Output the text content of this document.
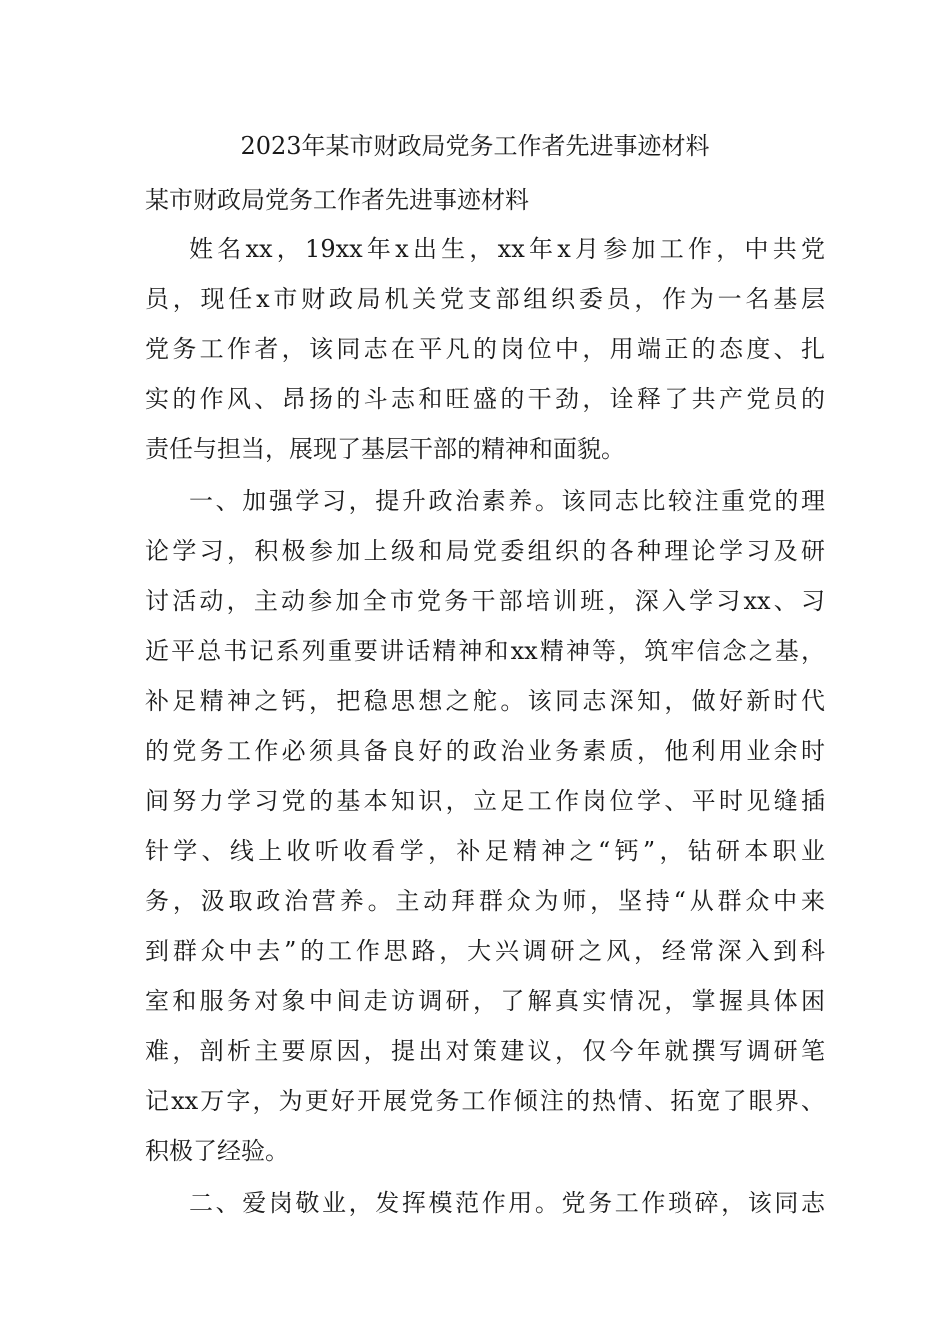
2023年某市财政局党务工作者先进事迹材料
某市财政局党务工作者先进事迹材料
姓名xx，19xx年x出生，xx年x月参加工作，中共党
员，现任x市财政局机关党支部组织委员，作为一名基层
党务工作者，该同志在平凡的岗位中，用端正的态度、扎
实的作风、昂扬的斗志和旺盛的干劲，诠释了共产党员的
责任与担当，展现了基层干部的精神和面貌。
一、加强学习，提升政治素养。该同志比较注重党的理
论学习，积极参加上级和局党委组织的各种理论学习及研
讨活动，主动参加全市党务干部培训班，深入学习xx、习
近平总书记系列重要讲话精神和xx精神等，筑牢信念之基，
补足精神之钙，把稳思想之舵。该同志深知，做好新时代
的党务工作必须具备良好的政治业务素质，他利用业余时
间努力学习党的基本知识，立足工作岗位学、平时见缝插
针学、线上收听收看学，补足精神之“钙”，钻研本职业
务，汲取政治营养。主动拜群众为师，坚持“从群众中来
到群众中去”的工作思路，大兴调研之风，经常深入到科
室和服务对象中间走访调研，了解真实情况，掌握具体困
难，剖析主要原因，提出对策建议，仅今年就撰写调研笔
记xx万字，为更好开展党务工作倾注的热情、拓宽了眼界、
积极了经验。
二、爱岗敬业，发挥模范作用。党务工作琐碎，该同志
